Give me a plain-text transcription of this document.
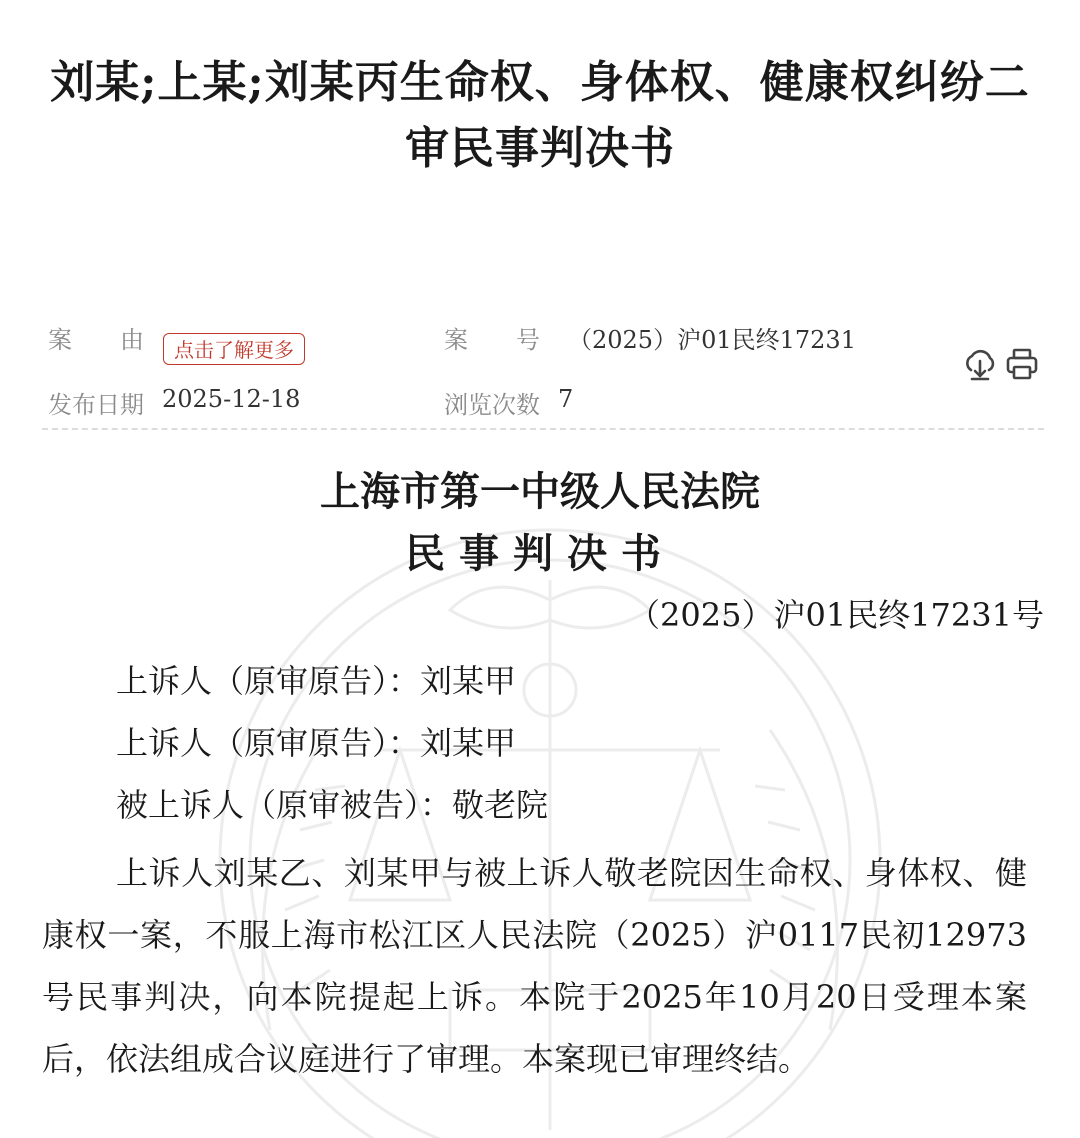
刘某;上某;刘某丙生命权、身体权、健康权纠纷二审民事判决书
案　　由	点击了解更多	案　　号 （2025）沪01民终17231
发布日期 2025-12-18	浏览次数 7
上海市第一中级人民法院
民事判决书
（2025）沪01民终17231号
上诉人（原审原告）：刘某甲
上诉人（原审原告）：刘某甲
被上诉人（原审被告）：敬老院
上诉人刘某乙、刘某甲与被上诉人敬老院因生命权、身体权、健康权一案，不服上海市松江区人民法院（2025）沪0117民初12973号民事判决，向本院提起上诉。本院于2025年10月20日受理本案后，依法组成合议庭进行了审理。本案现已审理终结。
